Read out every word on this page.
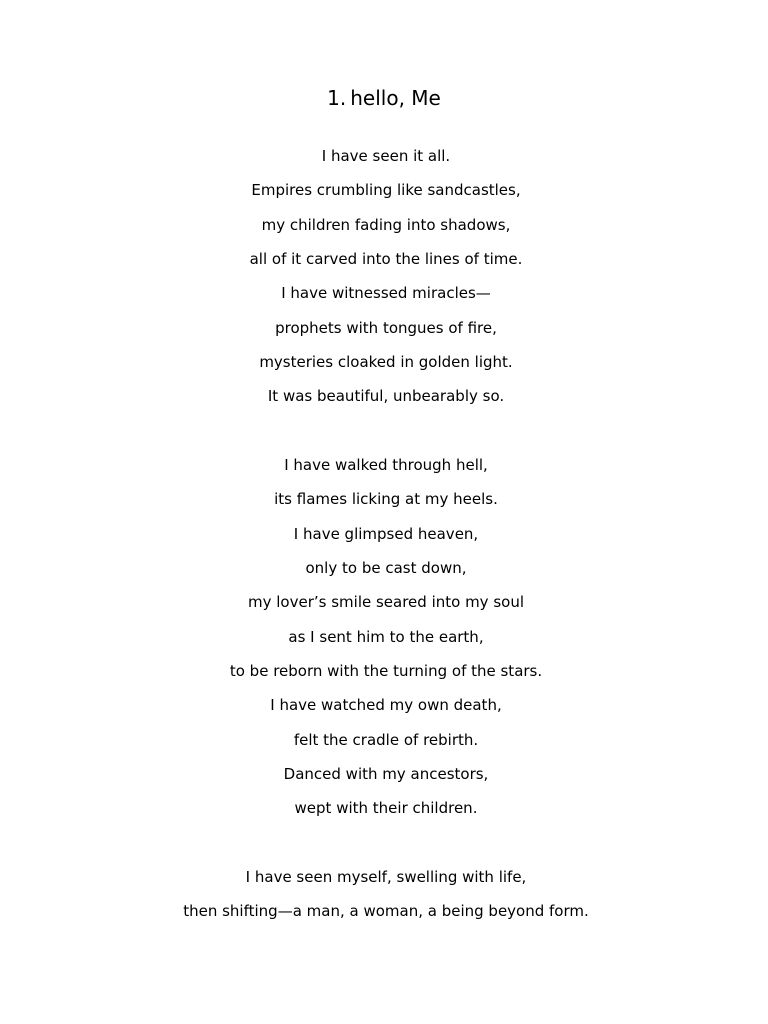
1. hello, Me
I have seen it all.
Empires crumbling like sandcastles,
my children fading into shadows,
all of it carved into the lines of time.
I have witnessed miracles—
prophets with tongues of fire,
mysteries cloaked in golden light.
It was beautiful, unbearably so.
I have walked through hell,
its flames licking at my heels.
I have glimpsed heaven,
only to be cast down,
my lover’s smile seared into my soul
as I sent him to the earth,
to be reborn with the turning of the stars.
I have watched my own death,
felt the cradle of rebirth.
Danced with my ancestors,
wept with their children.
I have seen myself, swelling with life,
then shifting—a man, a woman, a being beyond form.
